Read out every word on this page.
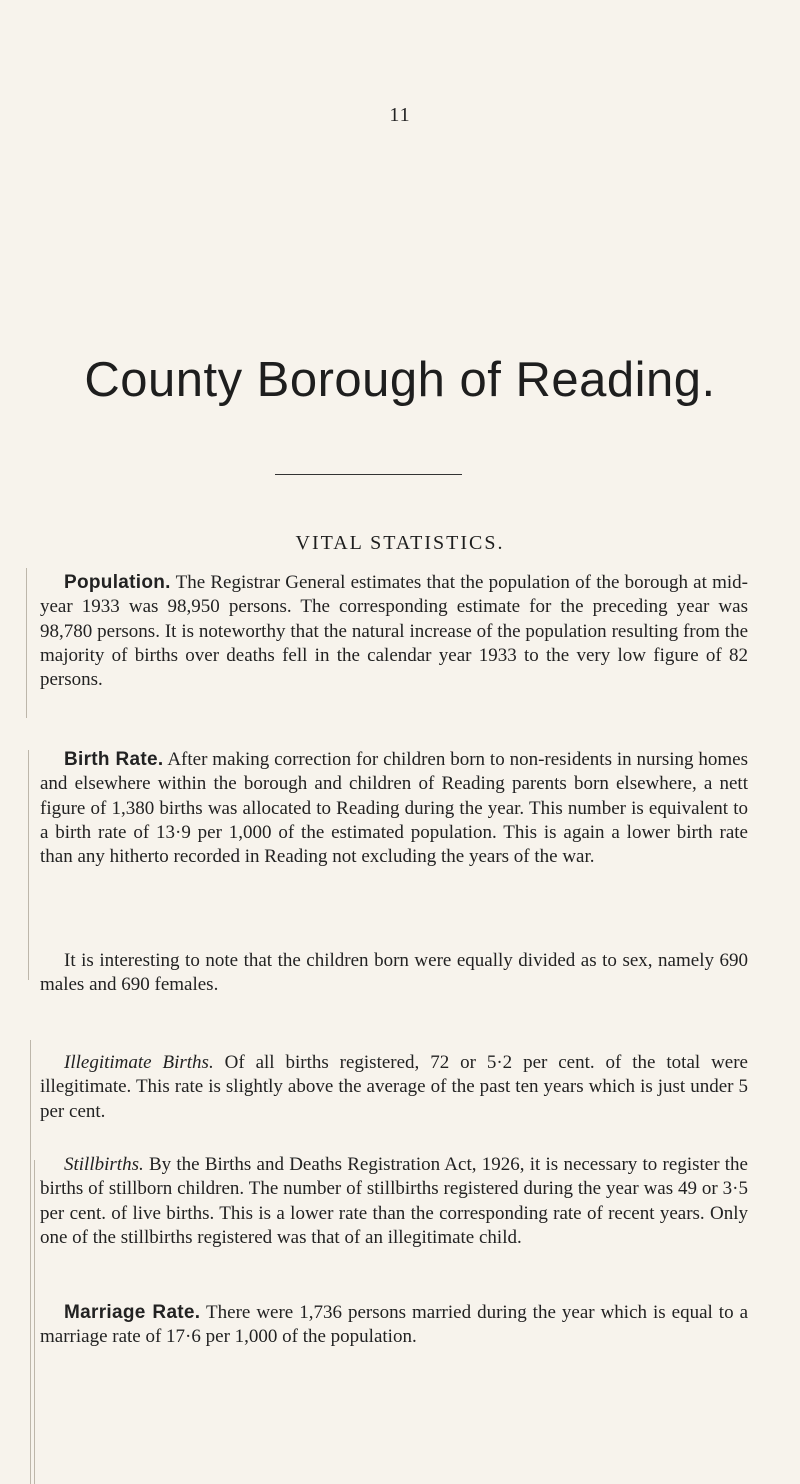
11
County Borough of Reading.
VITAL STATISTICS.

Population. The Registrar General estimates that the population of the borough at mid-year 1933 was 98,950 persons. The corresponding estimate for the preceding year was 98,780 persons. It is noteworthy that the natural increase of the population resulting from the majority of births over deaths fell in the calendar year 1933 to the very low figure of 82 persons.

Birth Rate. After making correction for children born to non-residents in nursing homes and elsewhere within the borough and children of Reading parents born elsewhere, a nett figure of 1,380 births was allocated to Reading during the year. This number is equivalent to a birth rate of 13·9 per 1,000 of the estimated population. This is again a lower birth rate than any hitherto recorded in Reading not excluding the years of the war.

It is interesting to note that the children born were equally divided as to sex, namely 690 males and 690 females.

Illegitimate Births. Of all births registered, 72 or 5·2 per cent. of the total were illegitimate. This rate is slightly above the average of the past ten years which is just under 5 per cent.

Stillbirths. By the Births and Deaths Registration Act, 1926, it is necessary to register the births of stillborn children. The number of stillbirths registered during the year was 49 or 3·5 per cent. of live births. This is a lower rate than the corresponding rate of recent years. Only one of the stillbirths registered was that of an illegitimate child.

Marriage Rate. There were 1,736 persons married during the year which is equal to a marriage rate of 17·6 per 1,000 of the population.
